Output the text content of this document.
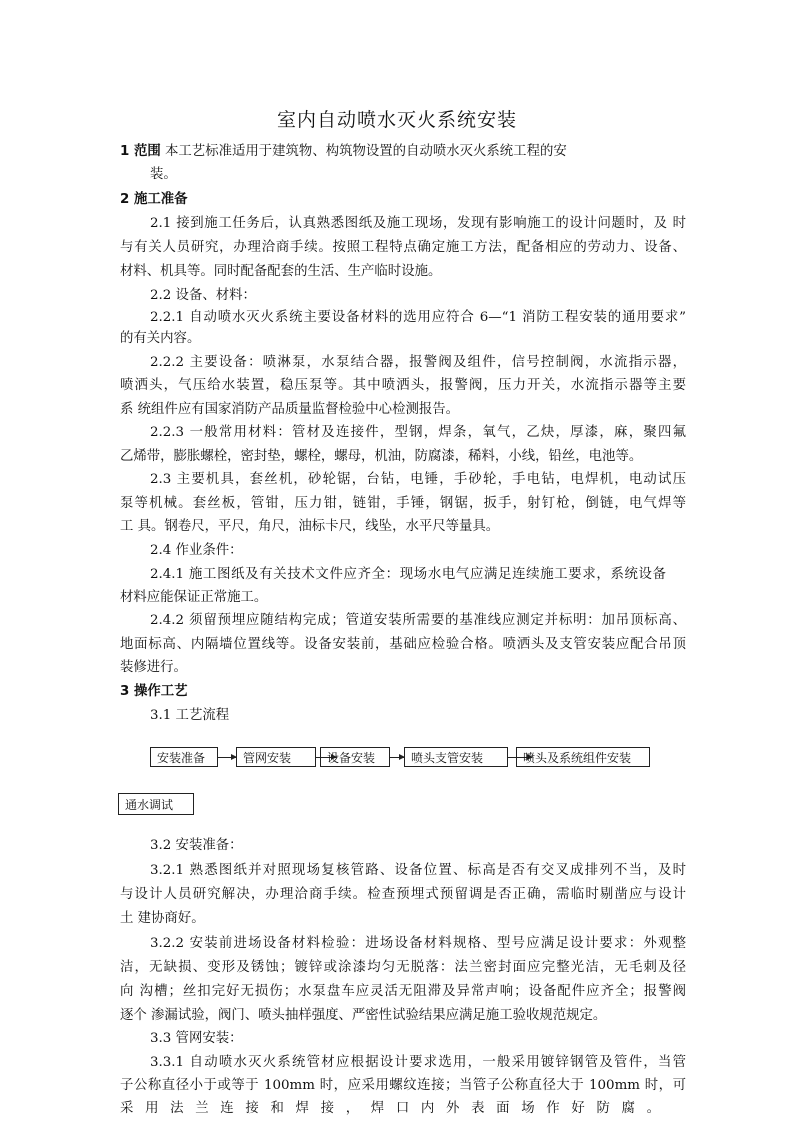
室内自动喷水灭火系统安装
1 范围 本工艺标准适用于建筑物、构筑物设置的自动喷水灭火系统工程的安
装。
2 施工准备
2.1 接到施工任务后，认真熟悉图纸及施工现场，发现有影响施工的设计问题时，及 时
与有关人员研究，办理洽商手续。按照工程特点确定施工方法，配备相应的劳动力、设备、
材料、机具等。同时配备配套的生活、生产临时设施。
2.2 设备、材料：
2.2.1 自动喷水灭火系统主要设备材料的选用应符合 6—“1 消防工程安装的通用要求”
的有关内容。
2.2.2 主要设备：喷淋泵，水泵结合器，报警阀及组件，信号控制阀，水流指示器，
喷洒头，气压给水装置，稳压泵等。其中喷洒头，报警阀，压力开关，水流指示器等主要
系 统组件应有国家消防产品质量监督检验中心检测报告。
2.2.3 一般常用材料：管材及连接件，型钢，焊条，氧气，乙炔，厚漆，麻，聚四氟
乙烯带，膨胀螺栓，密封垫，螺栓，螺母，机油，防腐漆，稀料，小线，铅丝，电池等。
2.3 主要机具，套丝机，砂轮锯，台钻，电锤，手砂轮，手电钻，电焊机，电动试压
泵等机械。套丝板，管钳，压力钳，链钳，手锤，钢锯，扳手，射钉枪，倒链，电气焊等
工 具。钢卷尺，平尺，角尺，油标卡尺，线坠，水平尺等量具。
2.4 作业条件：
2.4.1 施工图纸及有关技术文件应齐全：现场水电气应满足连续施工要求，系统设备
材料应能保证正常施工。
2.4.2 须留预埋应随结构完成；管道安装所需要的基准线应测定并标明：加吊顶标高、
地面标高、内隔墙位置线等。设备安装前，基础应检验合格。喷洒头及支管安装应配合吊顶
装修进行。
3 操作工艺
3.1 工艺流程
安装准备	管网安装	设备安装	喷头支管安装	喷头及系统组件安装
通水调试
3.2 安装准备：
3.2.1 熟悉图纸并对照现场复核管路、设备位置、标高是否有交叉成排列不当，及时
与设计人员研究解决，办理洽商手续。检查预埋式预留调是否正确，需临时剔凿应与设计
土 建协商好。
3.2.2 安装前进场设备材料检验：进场设备材料规格、型号应满足设计要求：外观整
洁，无缺损、变形及锈蚀；镀锌或涂漆均匀无脱落：法兰密封面应完整光洁，无毛刺及径
向 沟槽；丝扣完好无损伤；水泵盘车应灵活无阻滞及异常声响；设备配件应齐全；报警阀
逐个 渗漏试验，阀门、喷头抽样强度、严密性试验结果应满足施工验收规范规定。
3.3 管网安装：
3.3.1 自动喷水灭火系统管材应根据设计要求选用，一般采用镀锌钢管及管件，当管
子公称直径小于或等于 100mm 时，应采用螺纹连接；当管子公称直径大于 100mm 时，可
采用法兰连接和焊接，焊口内外表面场作好防腐。
